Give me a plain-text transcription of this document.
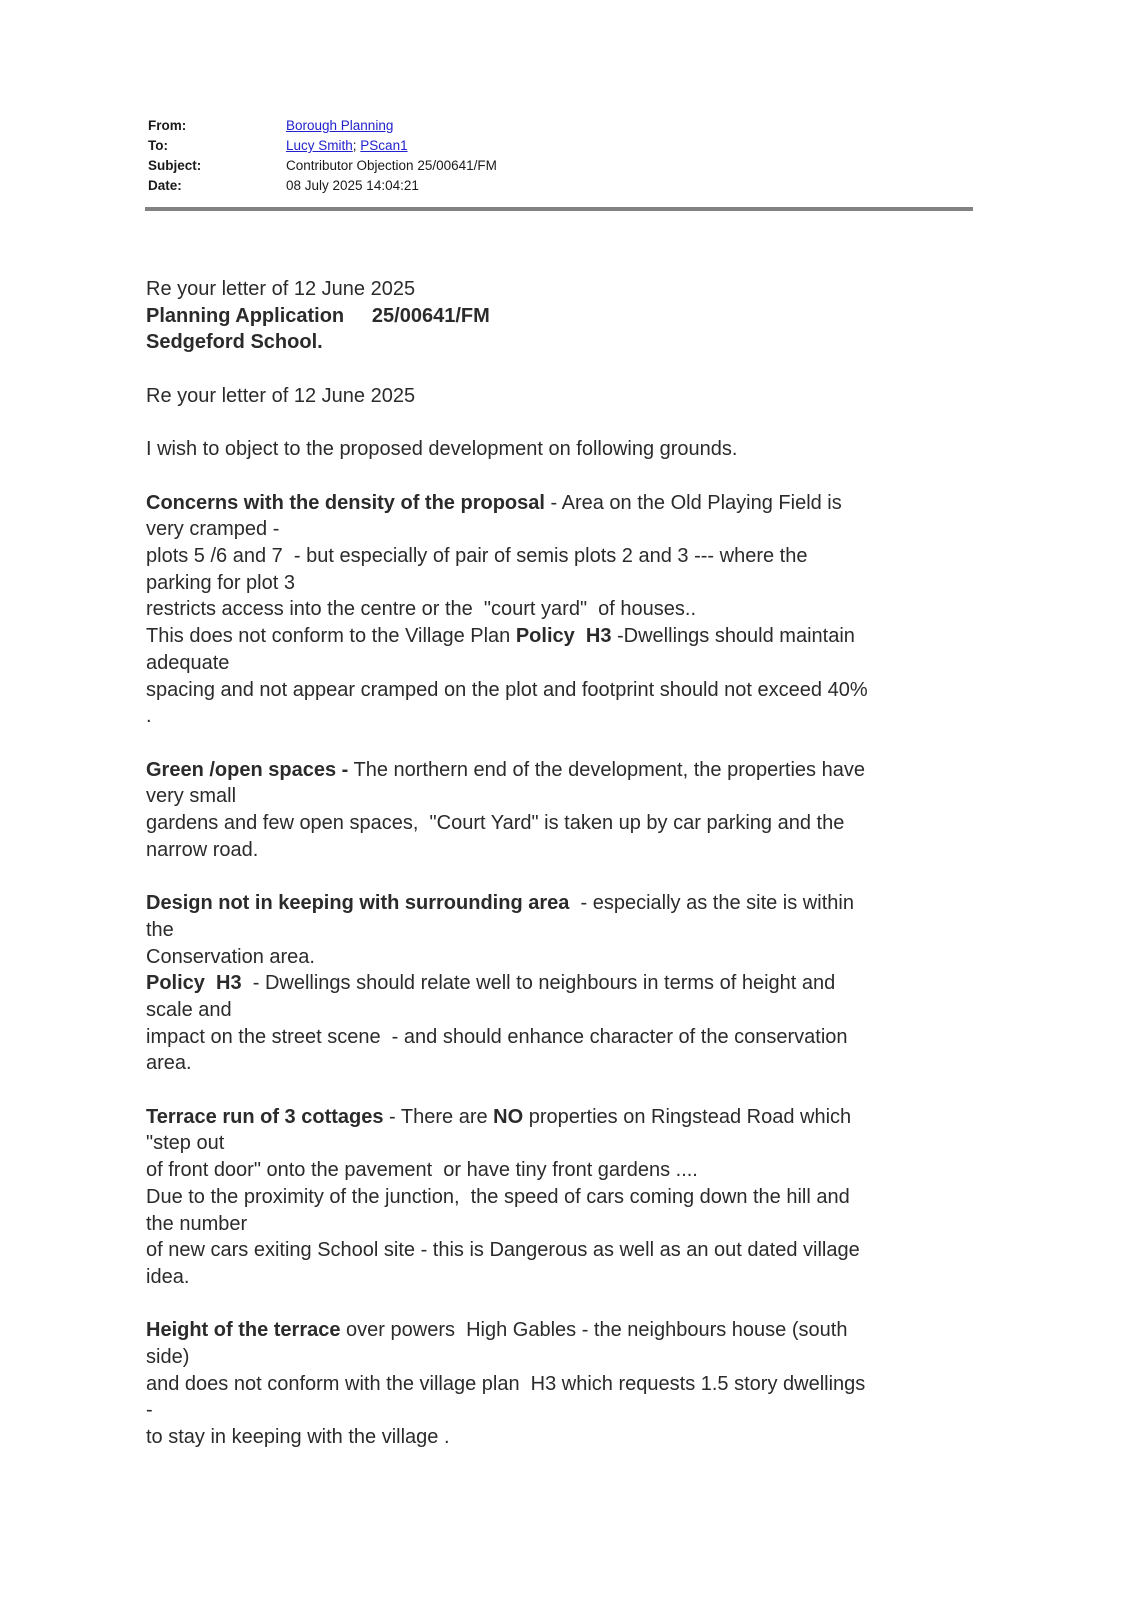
From:	Borough Planning
To:	Lucy Smith; PScan1
Subject:	Contributor Objection 25/00641/FM
Date:	08 July 2025 14:04:21
Re your letter of 12 June 2025
Planning Application     25/00641/FM
Sedgeford School.
Re your letter of 12 June 2025
I wish to object to the proposed development on following grounds.
Concerns with the density of the proposal - Area on the Old Playing Field is
very cramped -
plots 5 /6 and 7  - but especially of pair of semis plots 2 and 3 --- where the
parking for plot 3
restricts access into the centre or the  "court yard"  of houses..
This does not conform to the Village Plan Policy  H3 -Dwellings should maintain
adequate
spacing and not appear cramped on the plot and footprint should not exceed 40%
.
Green /open spaces - The northern end of the development, the properties have
very small
gardens and few open spaces,  "Court Yard" is taken up by car parking and the
narrow road.
Design not in keeping with surrounding area  - especially as the site is within
the
Conservation area.
Policy  H3  - Dwellings should relate well to neighbours in terms of height and
scale and
impact on the street scene  - and should enhance character of the conservation
area.
Terrace run of 3 cottages - There are NO properties on Ringstead Road which
"step out
of front door" onto the pavement  or have tiny front gardens ....
Due to the proximity of the junction,  the speed of cars coming down the hill and
the number
of new cars exiting School site - this is Dangerous as well as an out dated village
idea.
Height of the terrace over powers  High Gables - the neighbours house (south
side)
and does not conform with the village plan  H3 which requests 1.5 story dwellings
-
to stay in keeping with the village .
